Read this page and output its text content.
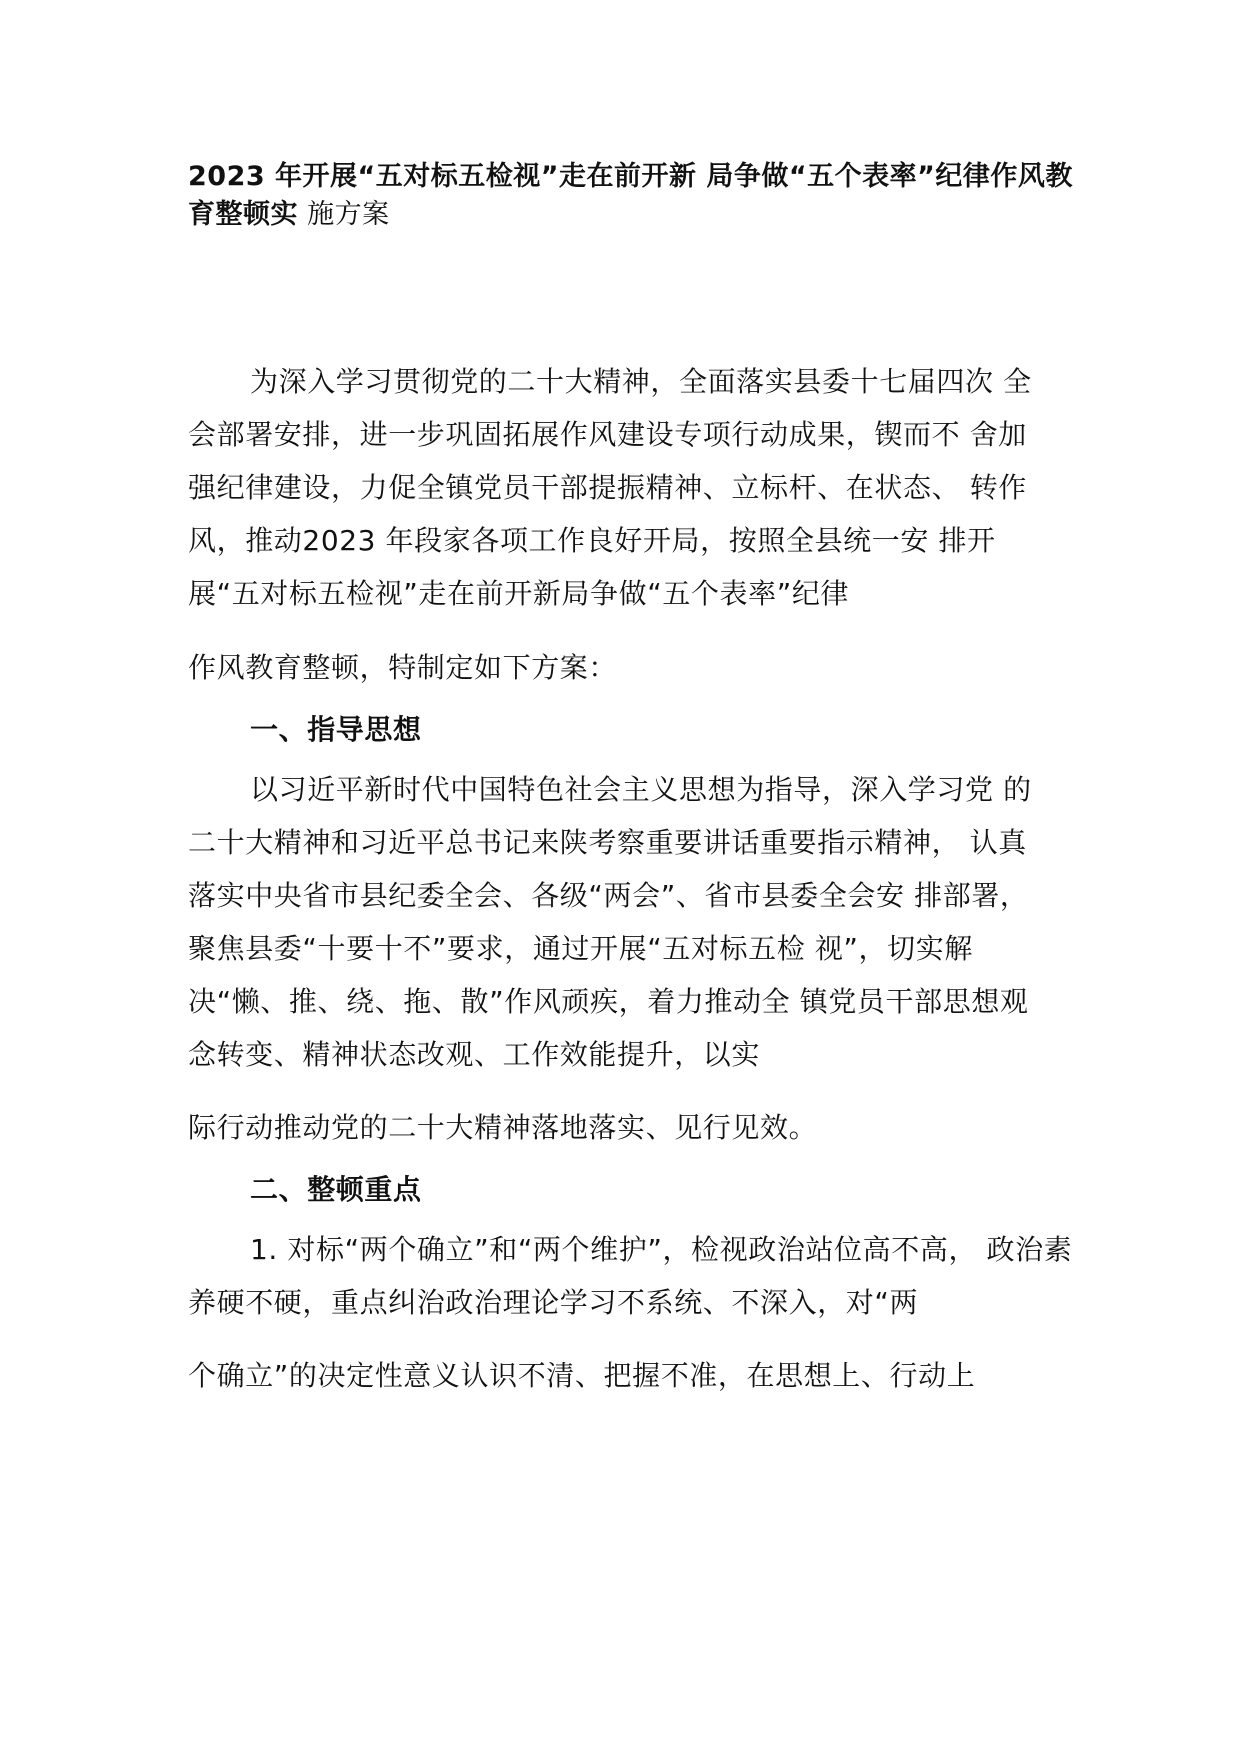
2023 年开展“五对标五检视”走在前开新 局争做“五个表率”纪律作风教育整顿实 施方案
为深入学习贯彻党的二十大精神，全面落实县委十七届四次 全
会部署安排，进一步巩固拓展作风建设专项行动成果，锲而不 舍加
强纪律建设，力促全镇党员干部提振精神、立标杆、在状态、 转作
风，推动2023 年段家各项工作良好开局，按照全县统一安 排开
展“五对标五检视”走在前开新局争做“五个表率”纪律
作风教育整顿，特制定如下方案：
一、指导思想
以习近平新时代中国特色社会主义思想为指导，深入学习党 的
二十大精神和习近平总书记来陕考察重要讲话重要指示精神， 认真
落实中央省市县纪委全会、各级“两会”、省市县委全会安 排部署，
聚焦县委“十要十不”要求，通过开展“五对标五检 视”，切实解
决“懒、推、绕、拖、散”作风顽疾，着力推动全 镇党员干部思想观
念转变、精神状态改观、工作效能提升，以实
际行动推动党的二十大精神落地落实、见行见效。
二、整顿重点
1. 对标“两个确立”和“两个维护”，检视政治站位高不高， 政治素
养硬不硬，重点纠治政治理论学习不系统、不深入，对“两
个确立”的决定性意义认识不清、把握不准，在思想上、行动上
